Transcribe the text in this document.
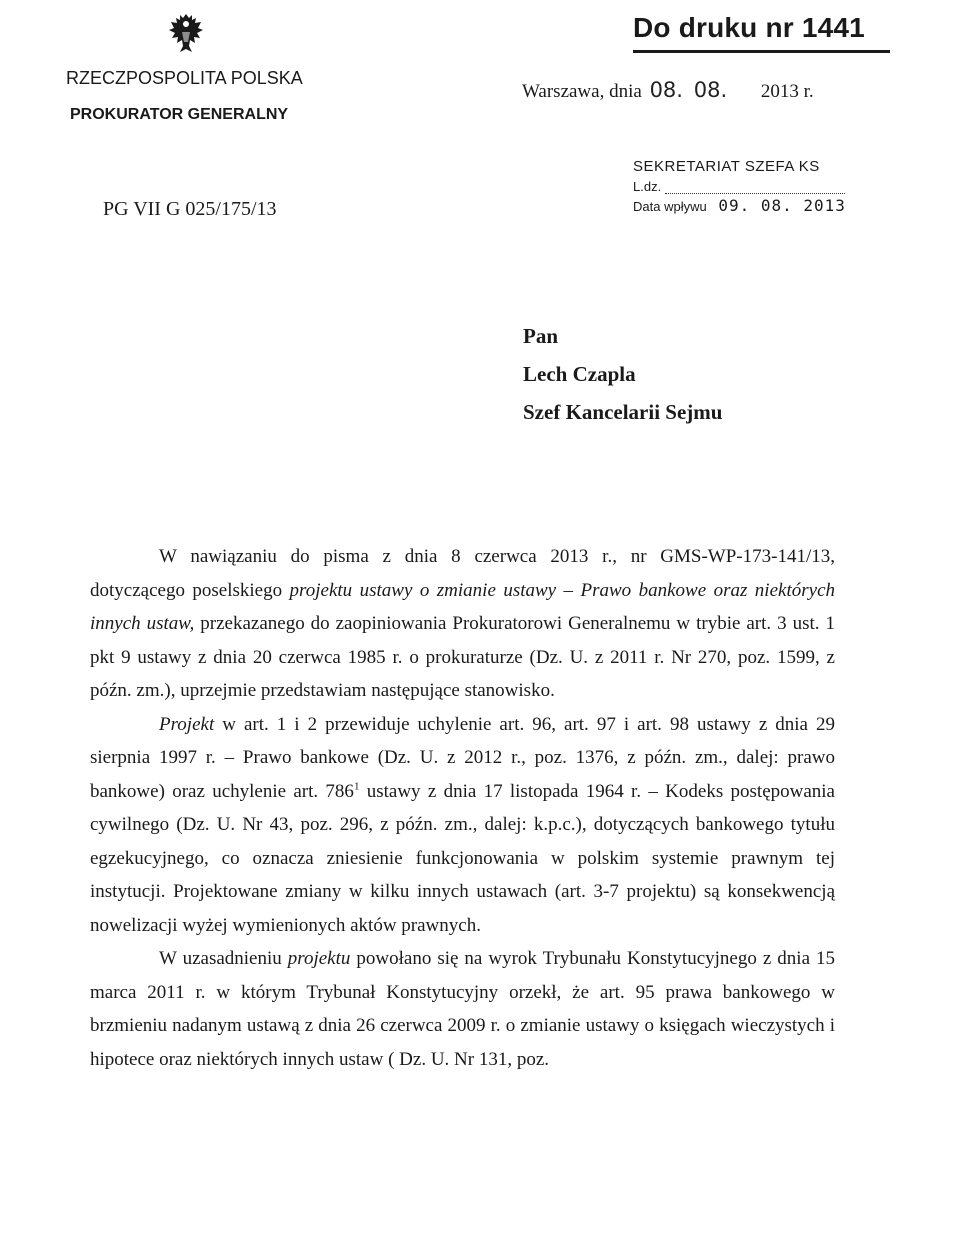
Do druku nr 1441
RZECZPOSPOLITA POLSKA
PROKURATOR GENERALNY
Warszawa, dnia 08. 08. 2013 r.
PG VII G 025/175/13
SEKRETARIAT SZEFA KS
L.dz.
Data wpływu 09. 08. 2013
Pan
Lech Czapla
Szef Kancelarii Sejmu

W nawiązaniu do pisma z dnia 8 czerwca 2013 r., nr GMS-WP-173-141/13, dotyczącego poselskiego projektu ustawy o zmianie ustawy – Prawo bankowe oraz niektórych innych ustaw, przekazanego do zaopiniowania Prokuratorowi Generalnemu w trybie art. 3 ust. 1 pkt 9 ustawy z dnia 20 czerwca 1985 r. o prokuraturze (Dz. U. z 2011 r. Nr 270, poz. 1599, z późn. zm.), uprzejmie przedstawiam następujące stanowisko.

Projekt w art. 1 i 2 przewiduje uchylenie art. 96, art. 97 i art. 98 ustawy z dnia 29 sierpnia 1997 r. – Prawo bankowe (Dz. U. z 2012 r., poz. 1376, z późn. zm., dalej: prawo bankowe) oraz uchylenie art. $786^1$ ustawy z dnia 17 listopada 1964 r. – Kodeks postępowania cywilnego (Dz. U. Nr 43, poz. 296, z późn. zm., dalej: k.p.c.), dotyczących bankowego tytułu egzekucyjnego, co oznacza zniesienie funkcjonowania w polskim systemie prawnym tej instytucji. Projektowane zmiany w kilku innych ustawach (art. 3-7 projektu) są konsekwencją nowelizacji wyżej wymienionych aktów prawnych.

W uzasadnieniu projektu powołano się na wyrok Trybunału Konstytucyjnego z dnia 15 marca 2011 r. w którym Trybunał Konstytucyjny orzekł, że art. 95 prawa bankowego w brzmieniu nadanym ustawą z dnia 26 czerwca 2009 r. o zmianie ustawy o księgach wieczystych i hipotece oraz niektórych innych ustaw ( Dz. U. Nr 131, poz.
